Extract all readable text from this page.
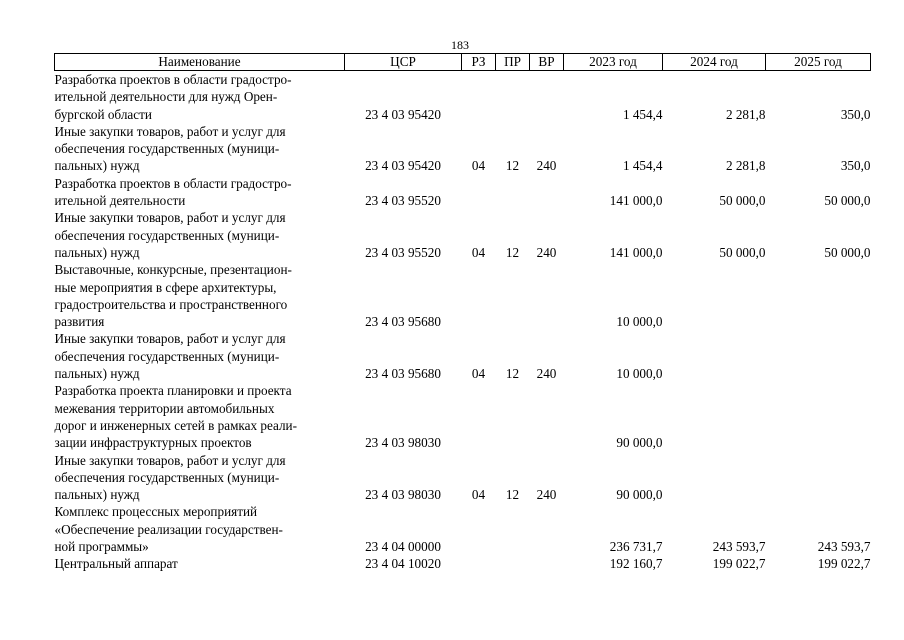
183
Наименование	ЦСР	РЗ	ПР	ВР	2023 год	2024 год	2025 год

Разработка проектов в области градостро-
ительной деятельности для нужд Орен-
бургской области	23 4 03 95420				1 454,4	2 281,8	350,0

Иные закупки товаров, работ и услуг для
обеспечения государственных (муници-
пальных) нужд	23 4 03 95420	04	12	240	1 454,4	2 281,8	350,0

Разработка проектов в области градостро-
ительной деятельности	23 4 03 95520				141 000,0	50 000,0	50 000,0

Иные закупки товаров, работ и услуг для
обеспечения государственных (муници-
пальных) нужд	23 4 03 95520	04	12	240	141 000,0	50 000,0	50 000,0

Выставочные, конкурсные, презентацион-
ные мероприятия в сфере архитектуры,
градостроительства и пространственного
развития	23 4 03 95680				10 000,0		

Иные закупки товаров, работ и услуг для
обеспечения государственных (муници-
пальных) нужд	23 4 03 95680	04	12	240	10 000,0		

Разработка проекта планировки и проекта
межевания территории автомобильных
дорог и инженерных сетей в рамках реали-
зации инфраструктурных проектов	23 4 03 98030				90 000,0		

Иные закупки товаров, работ и услуг для
обеспечения государственных (муници-
пальных) нужд	23 4 03 98030	04	12	240	90 000,0		

Комплекс процессных мероприятий
«Обеспечение реализации государствен-
ной программы»	23 4 04 00000				236 731,7	243 593,7	243 593,7

Центральный аппарат	23 4 04 10020				192 160,7	199 022,7	199 022,7
